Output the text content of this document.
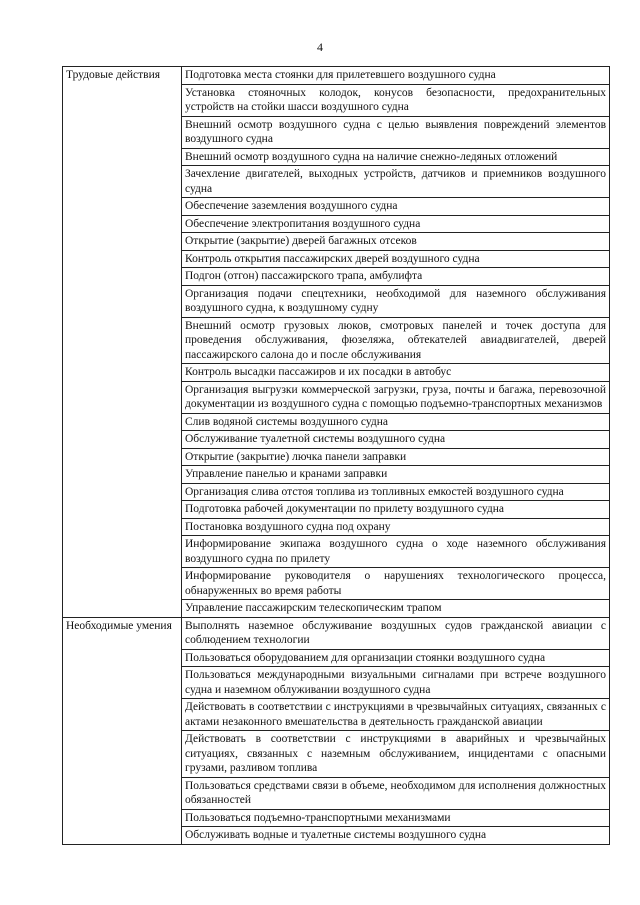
4
Трудовые действия	Подготовка места стоянки для прилетевшего воздушного судна
	Установка стояночных колодок, конусов безопасности, предохранительных устройств на стойки шасси воздушного судна
	Внешний осмотр воздушного судна с целью выявления повреждений элементов воздушного судна
	Внешний осмотр воздушного судна на наличие снежно-ледяных отложений
	Зачехление двигателей, выходных устройств, датчиков и приемников воздушного судна
	Обеспечение заземления воздушного судна
	Обеспечение электропитания воздушного судна
	Открытие (закрытие) дверей багажных отсеков
	Контроль открытия пассажирских дверей воздушного судна
	Подгон (отгон) пассажирского трапа, амбулифта
	Организация подачи спецтехники, необходимой для наземного обслуживания воздушного судна, к воздушному судну
	Внешний осмотр грузовых люков, смотровых панелей и точек доступа для проведения обслуживания, фюзеляжа, обтекателей авиадвигателей, дверей пассажирского салона до и после обслуживания
	Контроль высадки пассажиров и их посадки в автобус
	Организация выгрузки коммерческой загрузки, груза, почты и багажа, перевозочной документации из воздушного судна с помощью подъемно-транспортных механизмов
	Слив водяной системы воздушного судна
	Обслуживание туалетной системы воздушного судна
	Открытие (закрытие) лючка панели заправки
	Управление панелью и кранами заправки
	Организация слива отстоя топлива из топливных емкостей воздушного судна
	Подготовка рабочей документации по прилету воздушного судна
	Постановка воздушного судна под охрану
	Информирование экипажа воздушного судна о ходе наземного обслуживания воздушного судна по прилету
	Информирование руководителя о нарушениях технологического процесса, обнаруженных во время работы
	Управление пассажирским телескопическим трапом
Необходимые умения	Выполнять наземное обслуживание воздушных судов гражданской авиации с соблюдением технологии
	Пользоваться оборудованием для организации стоянки воздушного судна
	Пользоваться международными визуальными сигналами при встрече воздушного судна и наземном облуживании воздушного судна
	Действовать в соответствии с инструкциями в чрезвычайных ситуациях, связанных с актами незаконного вмешательства в деятельность гражданской авиации
	Действовать в соответствии с инструкциями в аварийных и чрезвычайных ситуациях, связанных с наземным обслуживанием, инцидентами с опасными грузами, разливом топлива
	Пользоваться средствами связи в объеме, необходимом для исполнения должностных обязанностей
	Пользоваться подъемно-транспортными механизмами
	Обслуживать водные и туалетные системы воздушного судна
